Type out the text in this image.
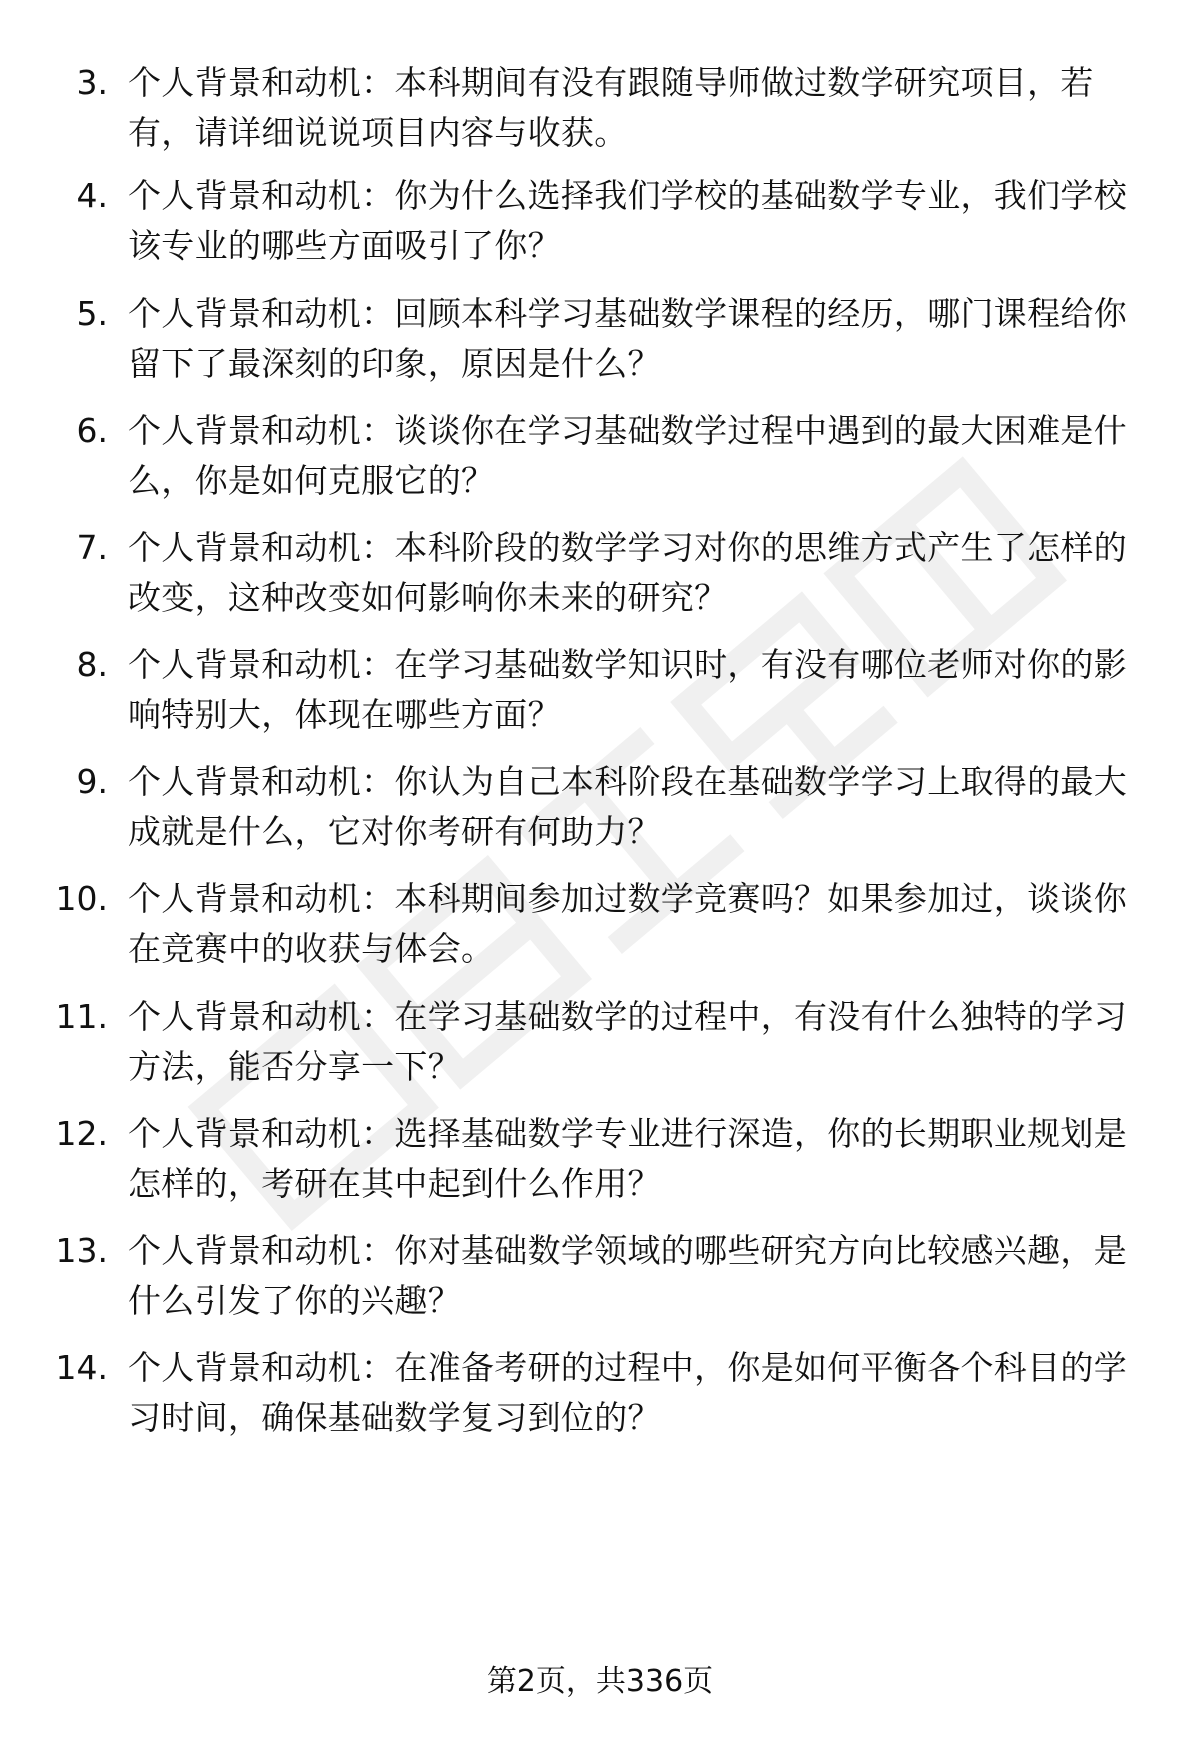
3. 个人背景和动机：本科期间有没有跟随导师做过数学研究项目，若有，请详细说说项目内容与收获。
4. 个人背景和动机：你为什么选择我们学校的基础数学专业，我们学校该专业的哪些方面吸引了你？
5. 个人背景和动机：回顾本科学习基础数学课程的经历，哪门课程给你留下了最深刻的印象，原因是什么？
6. 个人背景和动机：谈谈你在学习基础数学过程中遇到的最大困难是什么，你是如何克服它的？
7. 个人背景和动机：本科阶段的数学学习对你的思维方式产生了怎样的改变，这种改变如何影响你未来的研究？
8. 个人背景和动机：在学习基础数学知识时，有没有哪位老师对你的影响特别大，体现在哪些方面？
9. 个人背景和动机：你认为自己本科阶段在基础数学学习上取得的最大成就是什么，它对你考研有何助力？
10. 个人背景和动机：本科期间参加过数学竞赛吗？如果参加过，谈谈你在竞赛中的收获与体会。
11. 个人背景和动机：在学习基础数学的过程中，有没有什么独特的学习方法，能否分享一下？
12. 个人背景和动机：选择基础数学专业进行深造，你的长期职业规划是怎样的，考研在其中起到什么作用？
13. 个人背景和动机：你对基础数学领域的哪些研究方向比较感兴趣，是什么引发了你的兴趣？
14. 个人背景和动机：在准备考研的过程中，你是如何平衡各个科目的学习时间，确保基础数学复习到位的？
第2页，共336页
